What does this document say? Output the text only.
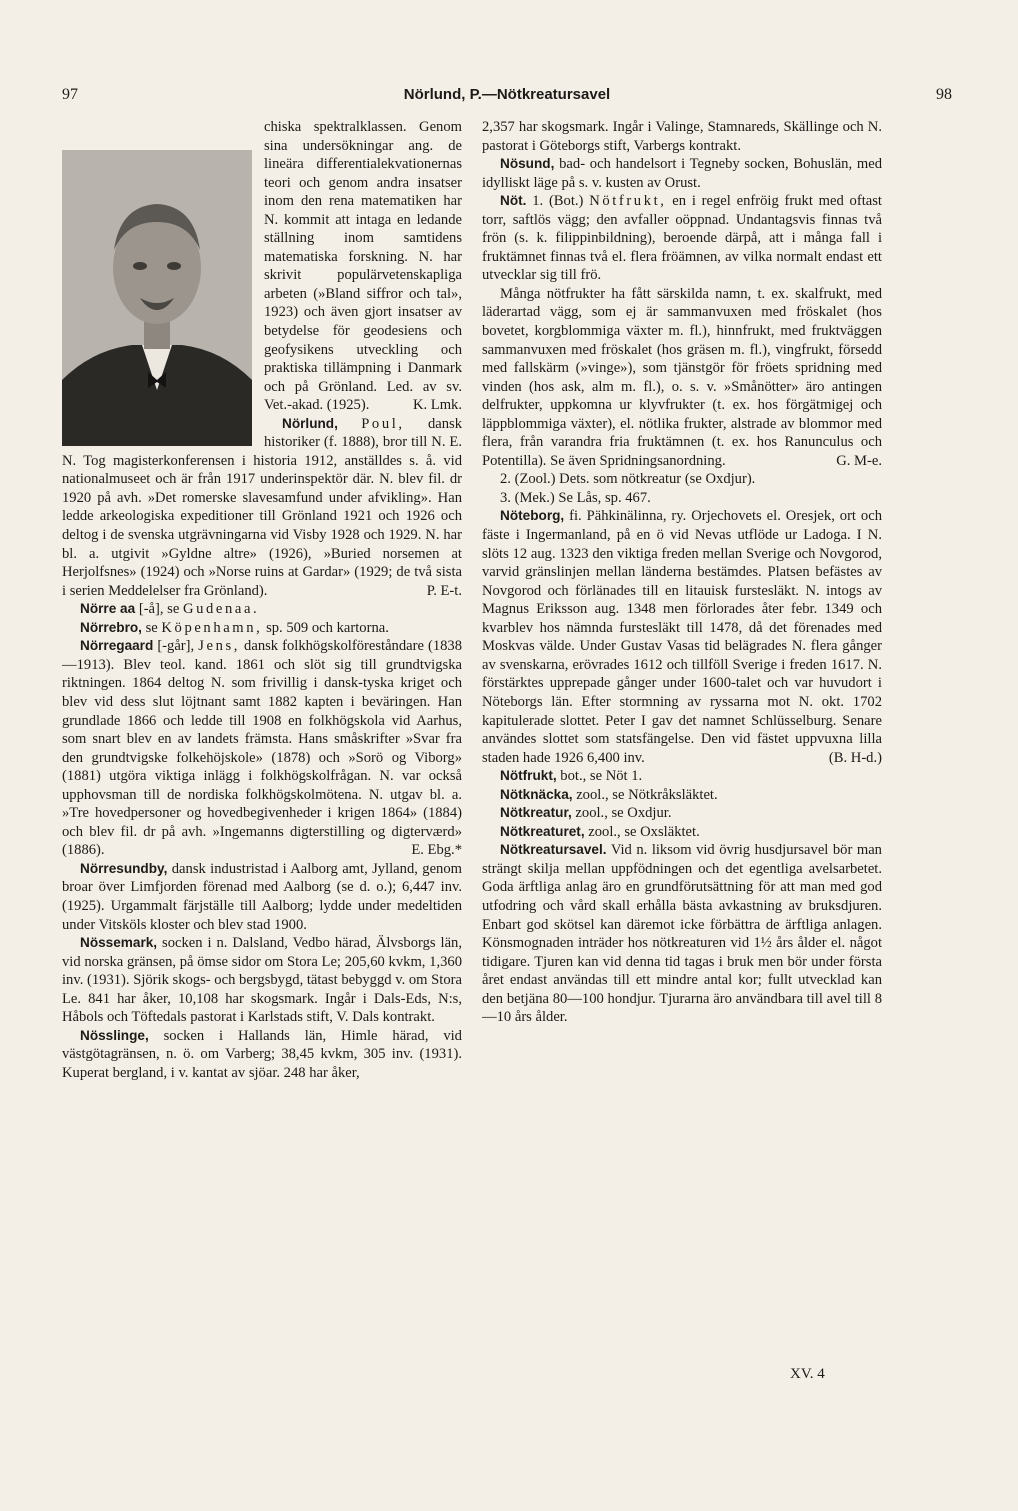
97	Nörlund, P.—Nötkreatursavel	98

chiska spektralklassen. Genom sina undersökningar ang. de lineära differentialekvationernas teori och genom andra insatser inom den rena matematiken har N. kommit att intaga en ledande ställning inom samtidens matematiska forskning. N. har skrivit populärvetenskapliga arbeten (»Bland siffror och tal», 1923) och även gjort insatser av betydelse för geodesiens och geofysikens utveckling och praktiska tillämpning i Danmark och på Grönland. Led. av sv. Vet.-akad. (1925).	K. Lmk.

Nörlund, Poul, dansk historiker (f. 1888), bror till N. E. N. Tog magisterkonferensen i historia 1912, anställdes s. å. vid nationalmuseet och är från 1917 underinspektör där. N. blev fil. dr 1920 på avh. »Det romerske slavesamfund under afvikling». Han ledde arkeologiska expeditioner till Grönland 1921 och 1926 och deltog i de svenska utgrävningarna vid Visby 1928 och 1929. N. har bl. a. utgivit »Gyldne altre» (1926), »Buried norsemen at Herjolfsnes» (1924) och »Norse ruins at Gardar» (1929; de två sista i serien Meddelelser fra Grönland).	P. E-t.

Nörre aa [-å], se Gudenaa.

Nörrebro, se Köpenhamn, sp. 509 och kartorna.

Nörregaard [-går], Jens, dansk folkhögskolföreståndare (1838—1913). Blev teol. kand. 1861 och slöt sig till grundtvigska riktningen. 1864 deltog N. som frivillig i dansk-tyska kriget och blev vid dess slut löjtnant samt 1882 kapten i beväringen. Han grundlade 1866 och ledde till 1908 en folkhögskola vid Aarhus, som snart blev en av landets främsta. Hans småskrifter »Svar fra den grundtvigske folkehöjskole» (1878) och »Sorö og Viborg» (1881) utgöra viktiga inlägg i folkhögskolfrågan. N. var också upphovsman till de nordiska folkhögskolmötena. N. utgav bl. a. »Tre hovedpersoner og hovedbegivenheder i krigen 1864» (1884) och blev fil. dr på avh. »Ingemanns digterstilling og digterværd» (1886).	E. Ebg.*

Nörresundby, dansk industristad i Aalborg amt, Jylland, genom broar över Limfjorden förenad med Aalborg (se d. o.); 6,447 inv. (1925). Urgammalt färjställe till Aalborg; lydde under medeltiden under Vitsköls kloster och blev stad 1900.

Nössemark, socken i n. Dalsland, Vedbo härad, Älvsborgs län, vid norska gränsen, på ömse sidor om Stora Le; 205,60 kvkm, 1,360 inv. (1931). Sjörik skogs- och bergsbygd, tätast bebyggd v. om Stora Le. 841 har åker, 10,108 har skogsmark. Ingår i Dals-Eds, N:s, Håbols och Töftedals pastorat i Karlstads stift, V. Dals kontrakt.

Nösslinge, socken i Hallands län, Himle härad, vid västgötagränsen, n. ö. om Varberg; 38,45 kvkm, 305 inv. (1931). Kuperat bergland, i v. kantat av sjöar. 248 har åker,

2,357 har skogsmark. Ingår i Valinge, Stamnareds, Skällinge och N. pastorat i Göteborgs stift, Varbergs kontrakt.

Nösund, bad- och handelsort i Tegneby socken, Bohuslän, med idylliskt läge på s. v. kusten av Orust.

Nöt. 1. (Bot.) Nötfrukt, en i regel enfröig frukt med oftast torr, saftlös vägg; den avfaller oöppnad. Undantagsvis finnas två frön (s. k. filippinbildning), beroende därpå, att i många fall i fruktämnet finnas två el. flera fröämnen, av vilka normalt endast ett utvecklar sig till frö.

Många nötfrukter ha fått särskilda namn, t. ex. skalfrukt, med läderartad vägg, som ej är sammanvuxen med fröskalet (hos bovetet, korgblommiga växter m. fl.), hinnfrukt, med fruktväggen sammanvuxen med fröskalet (hos gräsen m. fl.), vingfrukt, försedd med fallskärm (»vinge»), som tjänstgör för fröets spridning med vinden (hos ask, alm m. fl.), o. s. v. »Smånötter» äro antingen delfrukter, uppkomna ur klyvfrukter (t. ex. hos förgätmigej och läppblommiga växter), el. nötlika frukter, alstrade av blommor med flera, från varandra fria fruktämnen (t. ex. hos Ranunculus och Potentilla). Se även Spridningsanordning.	G. M-e.

2. (Zool.) Dets. som nötkreatur (se Oxdjur).

3. (Mek.) Se Lås, sp. 467.

Nöteborg, fi. Pähkinälinna, ry. Orjechovets el. Oresjek, ort och fäste i Ingermanland, på en ö vid Nevas utflöde ur Ladoga. I N. slöts 12 aug. 1323 den viktiga freden mellan Sverige och Novgorod, varvid gränslinjen mellan länderna bestämdes. Platsen befästes av Novgorod och förlänades till en litauisk furstesläkt. N. intogs av Magnus Eriksson aug. 1348 men förlorades åter febr. 1349 och kvarblev hos nämnda furstesläkt till 1478, då det förenades med Moskvas välde. Under Gustav Vasas tid belägrades N. flera gånger av svenskarna, erövrades 1612 och tillföll Sverige i freden 1617. N. förstärktes upprepade gånger under 1600-talet och var huvudort i Nöteborgs län. Efter stormning av ryssarna mot N. okt. 1702 kapitulerade slottet. Peter I gav det namnet Schlüsselburg. Senare användes slottet som statsfängelse. Den vid fästet uppvuxna lilla staden hade 1926 6,400 inv.	(B. H-d.)

Nötfrukt, bot., se Nöt 1.

Nötknäcka, zool., se Nötkråksläktet.

Nötkreatur, zool., se Oxdjur.

Nötkreaturet, zool., se Oxsläktet.

Nötkreatursavel. Vid n. liksom vid övrig husdjursavel bör man strängt skilja mellan uppfödningen och det egentliga avelsarbetet. Goda ärftliga anlag äro en grundförutsättning för att man med god utfodring och vård skall erhålla bästa avkastning av bruksdjuren. Enbart god skötsel kan däremot icke förbättra de ärftliga anlagen. Könsmognaden inträder hos nötkreaturen vid 1½ års ålder el. något tidigare. Tjuren kan vid denna tid tagas i bruk men bör under första året endast användas till ett mindre antal kor; fullt utvecklad kan den betjäna 80—100 hondjur. Tjurarna äro användbara till avel till 8—10 års ålder.

XV. 4
